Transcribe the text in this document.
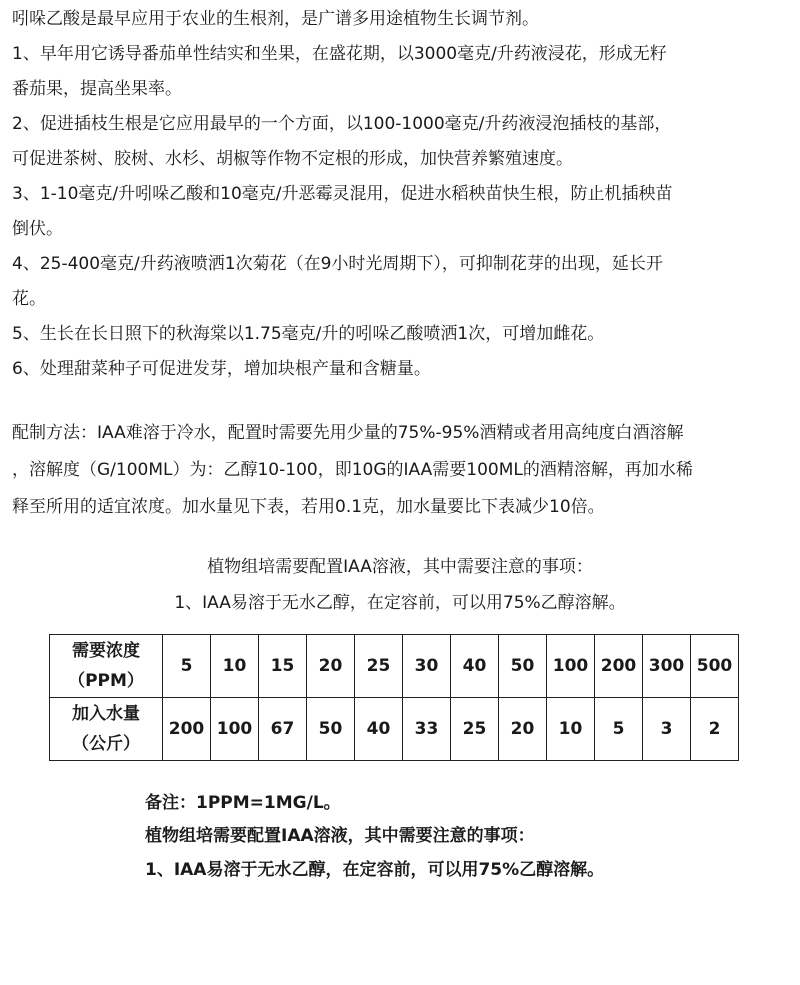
吲哚乙酸是最早应用于农业的生根剂，是广谱多用途植物生长调节剂。
1、早年用它诱导番茄单性结实和坐果，在盛花期，以3000毫克/升药液浸花，形成无籽
番茄果，提高坐果率。
2、促进插枝生根是它应用最早的一个方面，以100-1000毫克/升药液浸泡插枝的基部，
可促进茶树、胶树、水杉、胡椒等作物不定根的形成，加快营养繁殖速度。
3、1-10毫克/升吲哚乙酸和10毫克/升恶霉灵混用，促进水稻秧苗快生根，防止机插秧苗
倒伏。
4、25-400毫克/升药液喷洒1次菊花（在9小时光周期下），可抑制花芽的出现，延长开
花。
5、生长在长日照下的秋海棠以1.75毫克/升的吲哚乙酸喷洒1次，可增加雌花。
6、处理甜菜种子可促进发芽，增加块根产量和含糖量。
配制方法：IAA难溶于冷水，配置时需要先用少量的75%-95%酒精或者用高纯度白酒溶解
，溶解度（G/100ML）为：乙醇10-100，即10G的IAA需要100ML的酒精溶解，再加水稀
释至所用的适宜浓度。加水量见下表，若用0.1克，加水量要比下表减少10倍。
植物组培需要配置IAA溶液，其中需要注意的事项：
1、IAA易溶于无水乙醇，在定容前，可以用75%乙醇溶解。
需要浓度
（PPM）	5	10	15	20	25	30	40	50	100	200	300	500

加入水量
（公斤）	200	100	67	50	40	33	25	20	10	5	3	2
备注：1PPM=1MG/L。
植物组培需要配置IAA溶液，其中需要注意的事项：
1、IAA易溶于无水乙醇，在定容前，可以用75%乙醇溶解。
